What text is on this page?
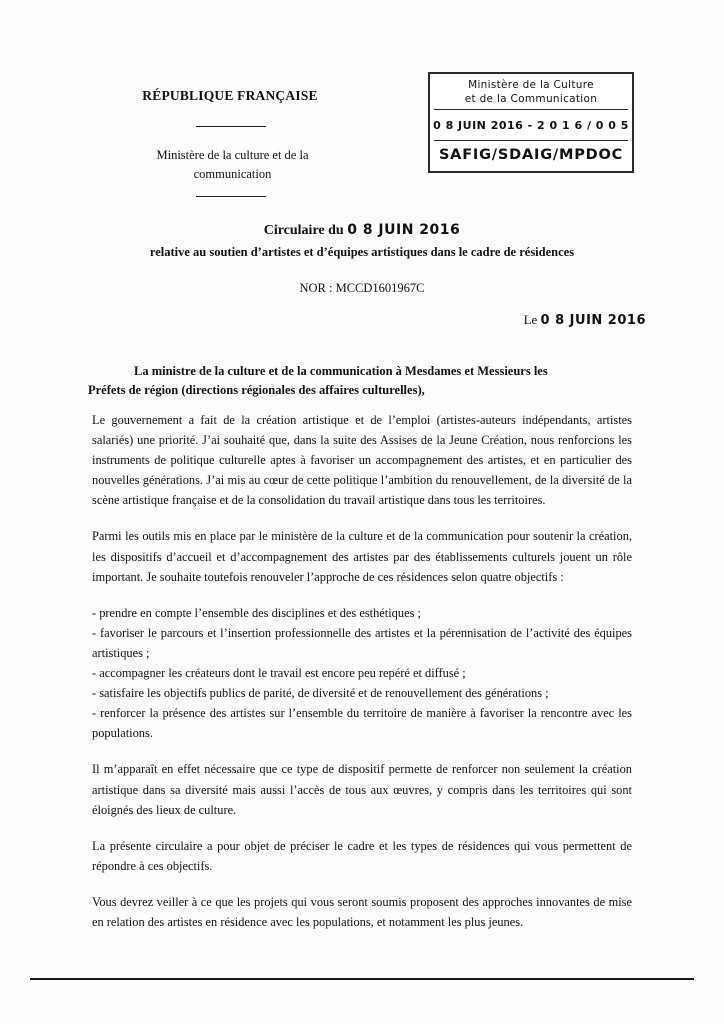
RÉPUBLIQUE FRANÇAISE
Ministère de la culture et de la
communication
Ministère de la Culture
et de la Communication
0 8 JUIN 2016 - 2 0 1 6 / 0 0 5
SAFIG/SDAIG/MPDOC
Circulaire du 0 8 JUIN 2016
relative au soutien d’artistes et d’équipes artistiques dans le cadre de résidences
NOR : MCCD1601967C
Le 0 8 JUIN 2016
La ministre de la culture et de la communication à Mesdames et Messieurs les
Préfets de région (directions régionales des affaires culturelles),

Le gouvernement a fait de la création artistique et de l’emploi (artistes-auteurs indépendants, artistes salariés) une priorité. J’ai souhaité que, dans la suite des Assises de la Jeune Création, nous renforcions les instruments de politique culturelle aptes à favoriser un accompagnement des artistes, et en particulier des nouvelles générations. J’ai mis au cœur de cette politique l’ambition du renouvellement, de la diversité de la scène artistique française et de la consolidation du travail artistique dans tous les territoires.

Parmi les outils mis en place par le ministère de la culture et de la communication pour soutenir la création, les dispositifs d’accueil et d’accompagnement des artistes par des établissements culturels jouent un rôle important. Je souhaite toutefois renouveler l’approche de ces résidences selon quatre objectifs :

- prendre en compte l’ensemble des disciplines et des esthétiques ;
- favoriser le parcours et l’insertion professionnelle des artistes et la pérennisation de l’activité des équipes artistiques ;
- accompagner les créateurs dont le travail est encore peu repéré et diffusé ;
- satisfaire les objectifs publics de parité, de diversité et de renouvellement des générations ;
- renforcer la présence des artistes sur l’ensemble du territoire de manière à favoriser la rencontre avec les populations.

Il m’apparaît en effet nécessaire que ce type de dispositif permette de renforcer non seulement la création artistique dans sa diversité mais aussi l’accès de tous aux œuvres, y compris dans les territoires qui sont éloignés des lieux de culture.

La présente circulaire a pour objet de préciser le cadre et les types de résidences qui vous permettent de répondre à ces objectifs.

Vous devrez veiller à ce que les projets qui vous seront soumis proposent des approches innovantes de mise en relation des artistes en résidence avec les populations, et notamment les plus jeunes.
